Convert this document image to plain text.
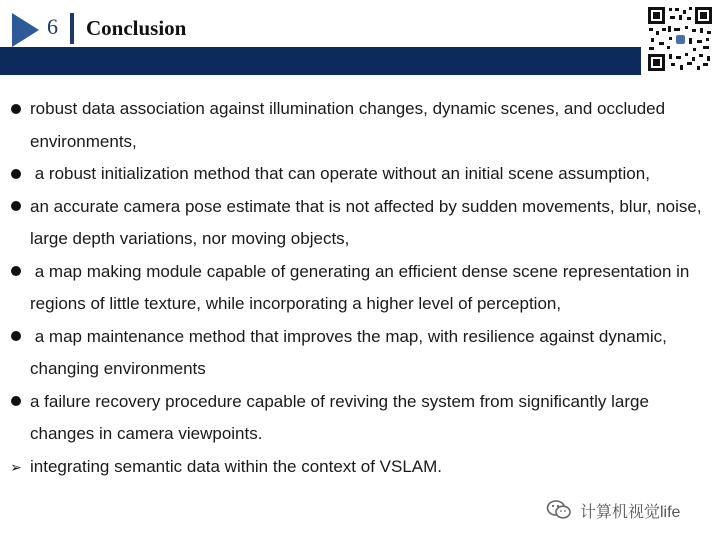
6 Conclusion
robust data association against illumination changes, dynamic scenes, and occluded environments,
a robust initialization method that can operate without an initial scene assumption,
an accurate camera pose estimate that is not affected by sudden movements, blur, noise, large depth variations, nor moving objects,
a map making module capable of generating an efficient dense scene representation in regions of little texture, while incorporating a higher level of perception,
a map maintenance method that improves the map, with resilience against dynamic, changing environments
a failure recovery procedure capable of reviving the system from significantly large changes in camera viewpoints.
➢ integrating semantic data within the context of VSLAM.
计算机视觉life
